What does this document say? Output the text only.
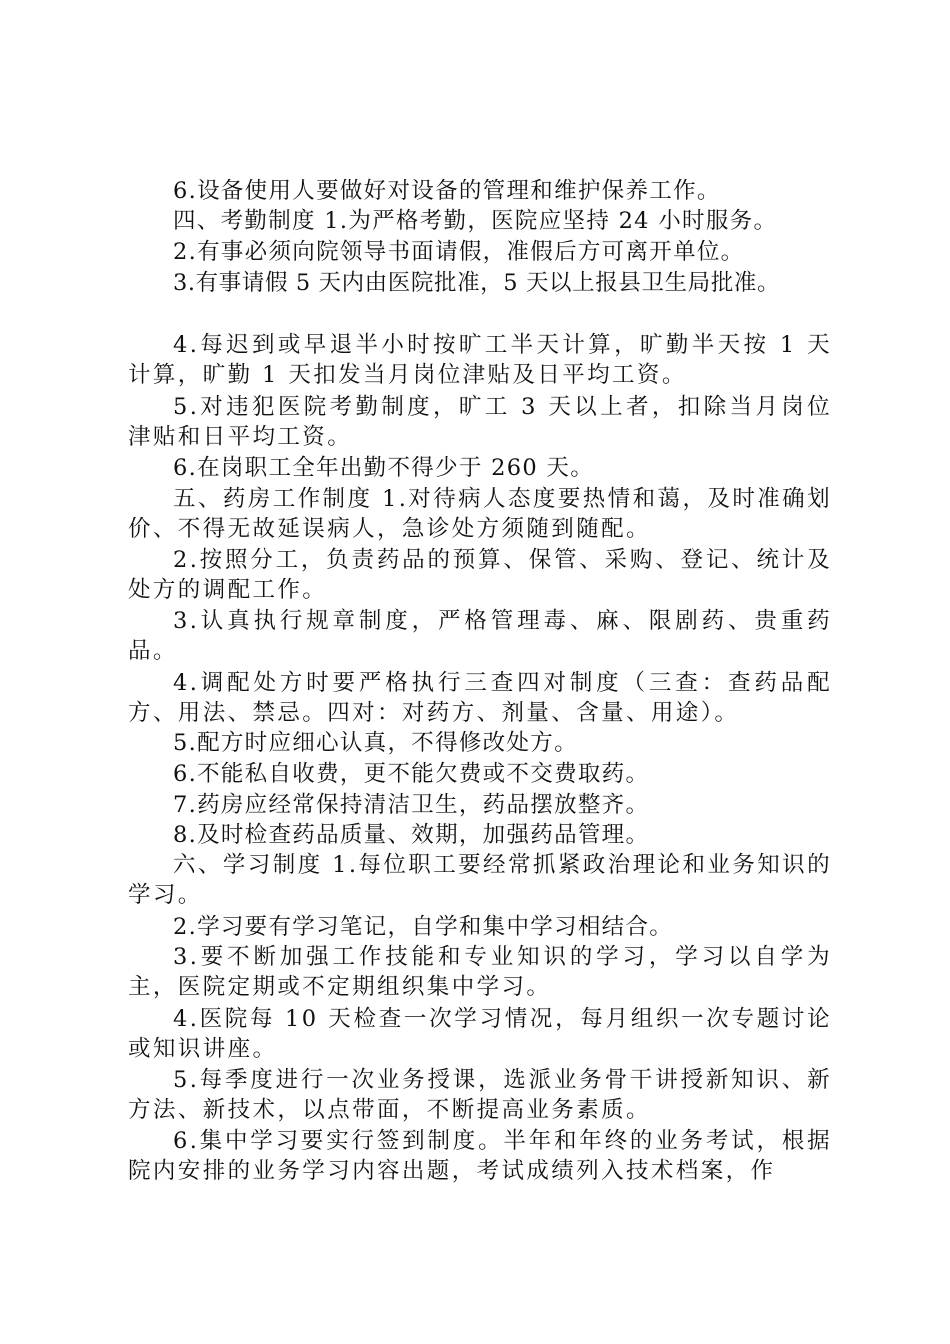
6.设备使用人要做好对设备的管理和维护保养工作。

四、考勤制度 1.为严格考勤，医院应坚持 24 小时服务。

2.有事必须向院领导书面请假，准假后方可离开单位。

3.有事请假 5 天内由医院批准，5 天以上报县卫生局批准。

4.每迟到或早退半小时按旷工半天计算，旷勤半天按 1 天计算，旷勤 1 天扣发当月岗位津贴及日平均工资。

5.对违犯医院考勤制度，旷工 3 天以上者，扣除当月岗位津贴和日平均工资。

6.在岗职工全年出勤不得少于 260 天。

五、药房工作制度 1.对待病人态度要热情和蔼，及时准确划价、不得无故延误病人，急诊处方须随到随配。

2.按照分工，负责药品的预算、保管、采购、登记、统计及处方的调配工作。

3.认真执行规章制度，严格管理毒、麻、限剧药、贵重药品。

4.调配处方时要严格执行三查四对制度（三查：查药品配方、用法、禁忌。四对：对药方、剂量、含量、用途）。

5.配方时应细心认真，不得修改处方。

6.不能私自收费，更不能欠费或不交费取药。

7.药房应经常保持清洁卫生，药品摆放整齐。

8.及时检查药品质量、效期，加强药品管理。

六、学习制度 1.每位职工要经常抓紧政治理论和业务知识的学习。

2.学习要有学习笔记，自学和集中学习相结合。

3.要不断加强工作技能和专业知识的学习，学习以自学为主，医院定期或不定期组织集中学习。

4.医院每 10 天检查一次学习情况，每月组织一次专题讨论或知识讲座。

5.每季度进行一次业务授课，选派业务骨干讲授新知识、新方法、新技术，以点带面，不断提高业务素质。

6.集中学习要实行签到制度。半年和年终的业务考试，根据院内安排的业务学习内容出题，考试成绩列入技术档案，作
